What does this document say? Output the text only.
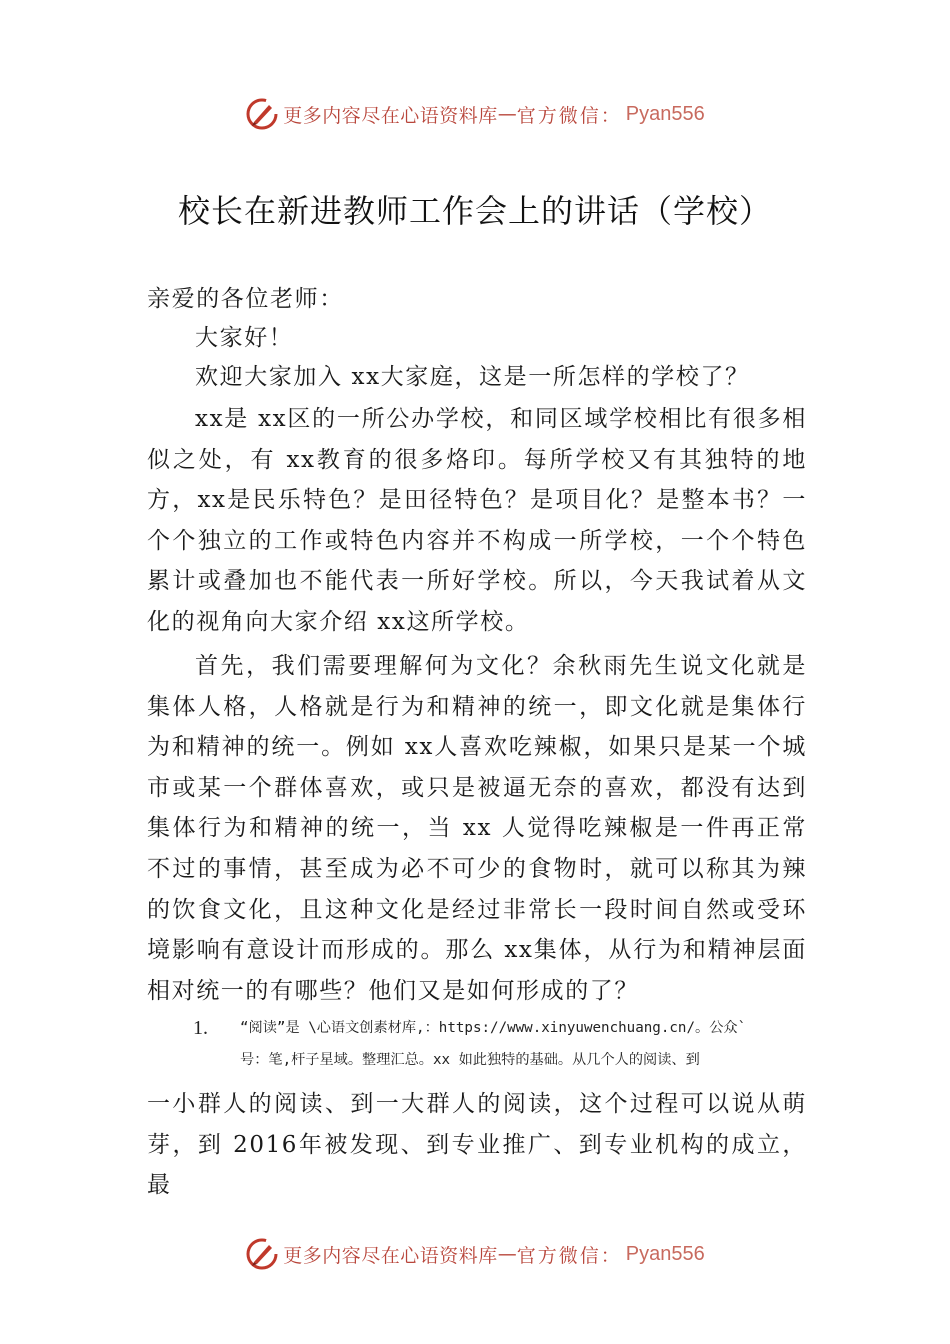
更多内容尽在心语资料库 — 官方微信： Pyan556
校长在新进教师工作会上的讲话（学校）
亲爱的各位老师：
大家好！
欢迎大家加入 xx大家庭，这是一所怎样的学校了？
xx是 xx区的一所公办学校，和同区域学校相比有很多相似之处，有 xx教育的很多烙印。每所学校又有其独特的地方，xx是民乐特色？是田径特色？是项目化？是整本书？一个个独立的工作或特色内容并不构成一所学校，一个个特色累计或叠加也不能代表一所好学校。所以，今天我试着从文化的视角向大家介绍 xx这所学校。
首先，我们需要理解何为文化？余秋雨先生说文化就是集体人格，人格就是行为和精神的统一，即文化就是集体行为和精神的统一。例如 xx人喜欢吃辣椒，如果只是某一个城市或某一个群体喜欢，或只是被逼无奈的喜欢，都没有达到集体行为和精神的统一，当 xx 人觉得吃辣椒是一件再正常不过的事情，甚至成为必不可少的食物时，就可以称其为辣的饮食文化，且这种文化是经过非常长一段时间自然或受环境影响有意设计而形成的。那么 xx集体，从行为和精神层面相对统一的有哪些？他们又是如何形成的了？
1. “阅读”是 \心语文创素材库,：https://www.xinyuwenchuang.cn/。公众`
号：笔,杆子星域。整理汇总。xx 如此独特的基础。从几个人的阅读、到
一小群人的阅读、到一大群人的阅读，这个过程可以说从萌芽，到 2016年被发现、到专业推广、到专业机构的成立，最
更多内容尽在心语资料库 — 官方微信： Pyan556
